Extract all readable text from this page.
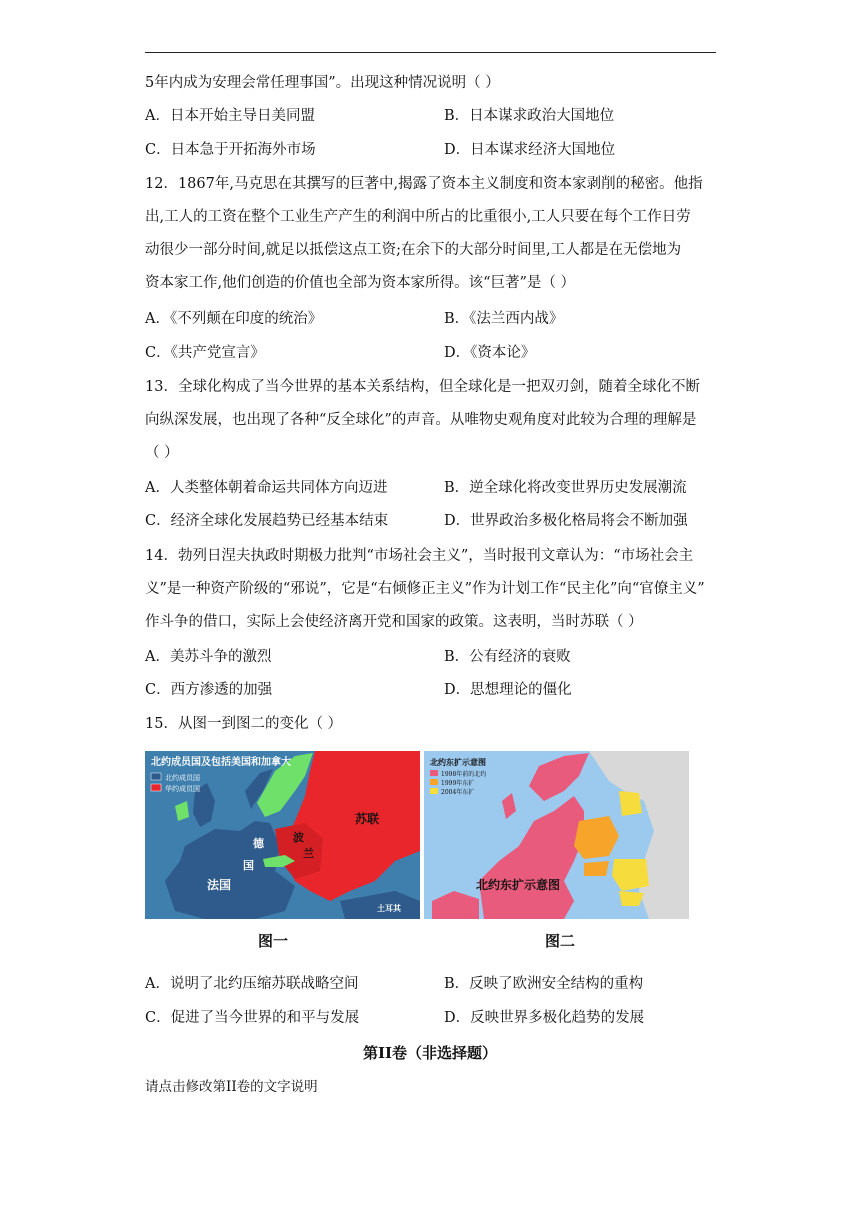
5年内成为安理会常任理事国”。出现这种情况说明（ ）
A．日本开始主导日美同盟	B．日本谋求政治大国地位
C．日本急于开拓海外市场	D．日本谋求经济大国地位
12．1867年,马克思在其撰写的巨著中,揭露了资本主义制度和资本家剥削的秘密。他指
出,工人的工资在整个工业生产产生的利润中所占的比重很小,工人只要在每个工作日劳
动很少一部分时间,就足以抵偿这点工资;在余下的大部分时间里,工人都是在无偿地为
资本家工作,他们创造的价值也全部为资本家所得。该“巨著”是（ ）
A．《不列颠在印度的统治》	B．《法兰西内战》
C．《共产党宣言》	D．《资本论》
13．全球化构成了当今世界的基本关系结构，但全球化是一把双刃剑，随着全球化不断
向纵深发展，也出现了各种“反全球化”的声音。从唯物史观角度对此较为合理的理解是
（ ）
A．人类整体朝着命运共同体方向迈进	B．逆全球化将改变世界历史发展潮流
C．经济全球化发展趋势已经基本结束	D．世界政治多极化格局将会不断加强
14．勃列日涅夫执政时期极力批判“市场社会主义”，当时报刊文章认为：“市场社会主
义”是一种资产阶级的“邪说”，它是“右倾修正主义”作为计划工作“民主化”向“官僚主义”
作斗争的借口，实际上会使经济离开党和国家的政策。这表明，当时苏联（ ）
A．美苏斗争的激烈	B．公有经济的衰败
C．西方渗透的加强	D．思想理论的僵化
15．从图一到图二的变化（ ）
北约成员国及包括美国和加拿大
北约成员国
华约成员国
苏联
法国
德
国
波
兰
土耳其
北约东扩示意图
1998年前的北约
1999年东扩
2004年东扩
北约东扩示意图
图一	图二
A．说明了北约压缩苏联战略空间	B．反映了欧洲安全结构的重构
C．促进了当今世界的和平与发展	D．反映世界多极化趋势的发展
第II卷（非选择题）
请点击修改第II卷的文字说明
